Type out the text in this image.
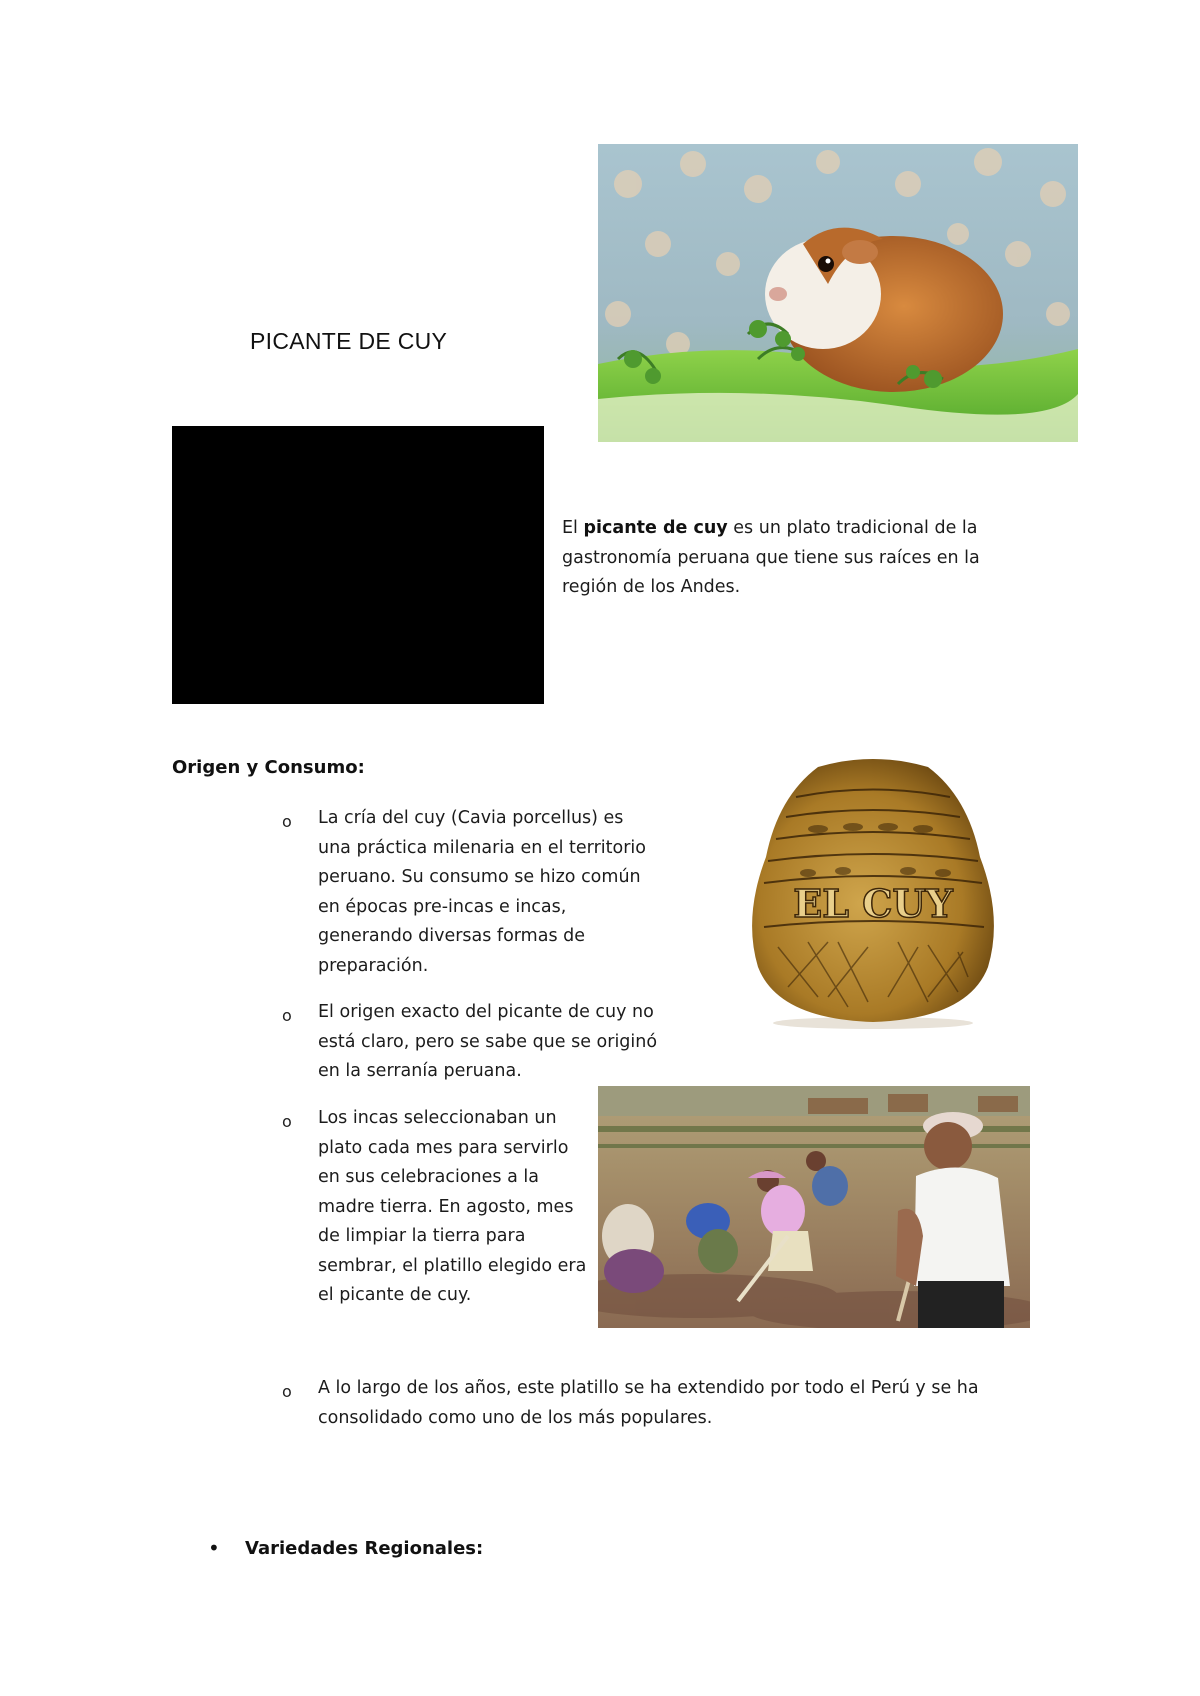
PICANTE DE CUY
El picante de cuy es un plato tradicional de la gastronomía peruana que tiene sus raíces en la región de los Andes.
Origen y Consumo:
EL CUY
o La cría del cuy (Cavia porcellus) es una práctica milenaria en el territorio peruano. Su consumo se hizo común en épocas pre-incas e incas, generando diversas formas de preparación.
o El origen exacto del picante de cuy no está claro, pero se sabe que se originó en la serranía peruana.
o Los incas seleccionaban un plato cada mes para servirlo en sus celebraciones a la madre tierra. En agosto, mes de limpiar la tierra para sembrar, el platillo elegido era el picante de cuy.
o A lo largo de los años, este platillo se ha extendido por todo el Perú y se ha consolidado como uno de los más populares.
• Variedades Regionales:
